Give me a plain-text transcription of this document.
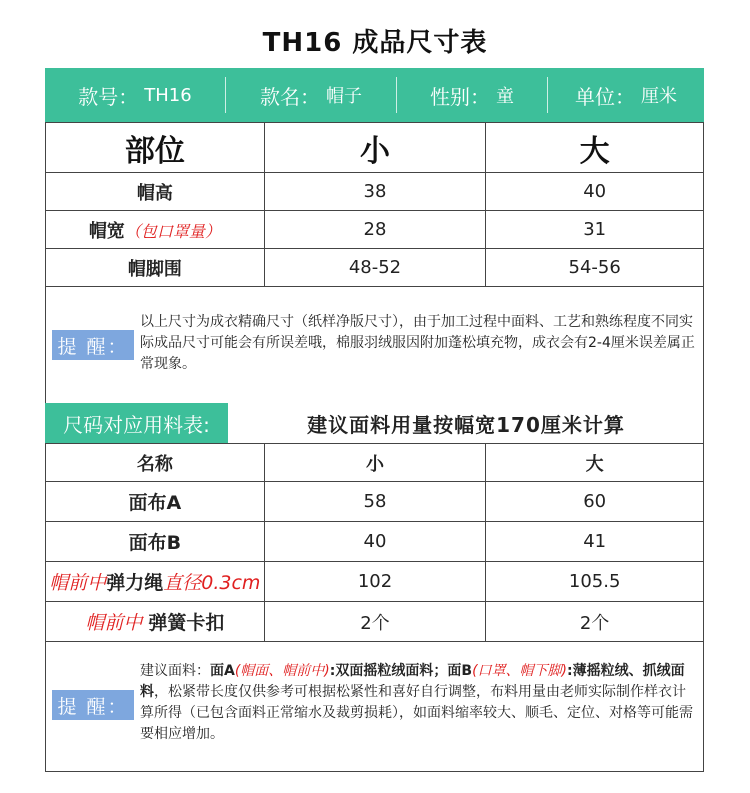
TH16 成品尺寸表
款号： TH16	款名： 帽子	性别： 童	单位： 厘米
部位	小	大
帽高	38	40
帽宽（包口罩量）	28	31
帽脚围	48-52	54-56
提 醒：
以上尺寸为成衣精确尺寸（纸样净版尺寸），由于加工过程中面料、工艺和熟练程度不同实际成品尺寸可能会有所误差哦，棉服羽绒服因附加蓬松填充物，成衣会有2-4厘米误差属正常现象。
尺码对应用料表:	建议面料用量按幅宽170厘米计算
名称	小	大
面布A	58	60
面布B	40	41
帽前中弹力绳直径0.3cm	102	105.5
帽前中 弹簧卡扣	2个	2个
提 醒：
建议面料：面A(帽面、帽前中):双面摇粒绒面料；面B(口罩、帽下脚):薄摇粒绒、抓绒面料，松紧带长度仅供参考可根据松紧性和喜好自行调整，布料用量由老师实际制作样衣计算所得（已包含面料正常缩水及裁剪损耗），如面料缩率较大、顺毛、定位、对格等可能需要相应增加。
